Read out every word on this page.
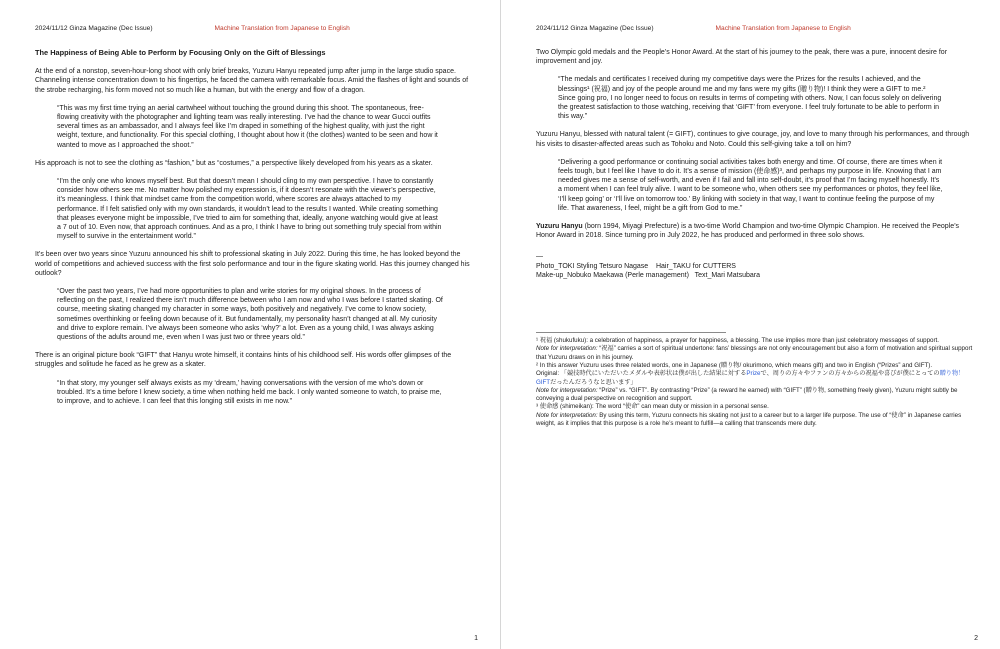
2024/11/12 Ginza Magazine (Dec Issue)	Machine Translation from Japanese to English
The Happiness of Being Able to Perform by Focusing Only on the Gift of Blessings
At the end of a nonstop, seven-hour-long shoot with only brief breaks, Yuzuru Hanyu repeated jump after jump in the large studio space. Channeling intense concentration down to his fingertips, he faced the camera with remarkable focus. Amid the flashes of light and sounds of the strobe recharging, his form moved not so much like a human, but with the energy and flow of a dragon.
“This was my first time trying an aerial cartwheel without touching the ground during this shoot. The spontaneous, free-flowing creativity with the photographer and lighting team was really interesting. I’ve had the chance to wear Gucci outfits several times as an ambassador, and I always feel like I’m draped in something of the highest quality, with just the right weight, texture, and functionality. For this special clothing, I thought about how it (the clothes) wanted to be seen and how it wanted to move as I approached the shoot.”
His approach is not to see the clothing as “fashion,” but as “costumes,” a perspective likely developed from his years as a skater.
“I’m the only one who knows myself best. But that doesn’t mean I should cling to my own perspective. I have to constantly consider how others see me. No matter how polished my expression is, if it doesn’t resonate with the viewer’s perspective, it’s meaningless. I think that mindset came from the competition world, where scores are always attached to my performance. If I felt satisfied only with my own standards, it wouldn’t lead to the results I wanted. While creating something that pleases everyone might be impossible, I’ve tried to aim for something that, ideally, anyone watching would give at least a 7 out of 10. Even now, that approach continues. And as a pro, I think I have to bring out something truly special from within myself to survive in the entertainment world.”
It’s been over two years since Yuzuru announced his shift to professional skating in July 2022. During this time, he has looked beyond the world of competitions and achieved success with the first solo performance and tour in the figure skating world. Has this journey changed his outlook?
“Over the past two years, I’ve had more opportunities to plan and write stories for my original shows. In the process of reflecting on the past, I realized there isn’t much difference between who I am now and who I was before I started skating. Of course, meeting skating changed my character in some ways, both positively and negatively. I’ve come to know society, sometimes overthinking or feeling down because of it. But fundamentally, my personality hasn’t changed at all. My curiosity and drive to explore remain. I’ve always been someone who asks ‘why?’ a lot. Even as a young child, I was always asking questions of the adults around me, even when I was just two or three years old.”
There is an original picture book “GIFT” that Hanyu wrote himself, it contains hints of his childhood self. His words offer glimpses of the struggles and solitude he faced as he grew as a skater.
“In that story, my younger self always exists as my ‘dream,’ having conversations with the version of me who’s down or troubled. It’s a time before I knew society, a time when nothing held me back. I only wanted someone to watch, to praise me, to improve, and to achieve. I can feel that this longing still exists in me now.”
1
2024/11/12 Ginza Magazine (Dec Issue)	Machine Translation from Japanese to English
Two Olympic gold medals and the People’s Honor Award. At the start of his journey to the peak, there was a pure, innocent desire for improvement and joy.
“The medals and certificates I received during my competitive days were the Prizes for the results I achieved, and the blessings¹ (祝福) and joy of the people around me and my fans were my gifts (贈り物)! I think they were a GIFT to me.² Since going pro, I no longer need to focus on results in terms of competing with others. Now, I can focus solely on delivering the greatest satisfaction to those watching, receiving that ‘GIFT’ from everyone. I feel truly fortunate to be able to perform in this way.”
Yuzuru Hanyu, blessed with natural talent (= GIFT), continues to give courage, joy, and love to many through his performances, and through his visits to disaster-affected areas such as Tohoku and Noto. Could this self-giving take a toll on him?
“Delivering a good performance or continuing social activities takes both energy and time. Of course, there are times when it feels tough, but I feel like I have to do it. It’s a sense of mission (使命感)³, and perhaps my purpose in life. Knowing that I am needed gives me a sense of self-worth, and even if I fail and fall into self-doubt, it’s proof that I’m facing myself honestly. It’s a moment when I can feel truly alive. I want to be someone who, when others see my performances or photos, they feel like, ‘I’ll keep going’ or ‘I’ll live on tomorrow too.’ By linking with society in that way, I want to continue feeling the purpose of my life. That awareness, I feel, might be a gift from God to me.”
Yuzuru Hanyu (born 1994, Miyagi Prefecture) is a two-time World Champion and two-time Olympic Champion. He received the People’s Honor Award in 2018. Since turning pro in July 2022, he has produced and performed in three solo shows.
—
Photo_TOKI Styling Tetsuro Nagase    Hair_TAKU for CUTTERS
Make-up_Nobuko Maekawa (Perle management)   Text_Mari Matsubara
¹ 祝福 (shukufuku): a celebration of happiness, a prayer for happiness, a blessing. The use implies more than just celebratory messages of support.
Note for interpretation: “祝福” carries a sort of spiritual undertone: fans’ blessings are not only encouragement but also a form of motivation and spiritual support that Yuzuru draws on in his journey.
² In this answer Yuzuru uses three related words, one in Japanese (贈り物/ okurimono, which means gift) and two in English (“Prizes” and GIFT).
Original: 「競技時代にいただいたメダルや表彰状は僕が出した結果に対するPrizeで、周りの方々やファンの方々からの祝福や喜びが僕にとっての贈り物！GIFTだったんだろうなと思います」
Note for interpretation: “Prize” vs. “GIFT”. By contrasting “Prize” (a reward he earned) with “GIFT” (贈り物, something freely given), Yuzuru might subtly be conveying a dual perspective on recognition and support.
³ 使命感 (shimeikan): The word “使命” can mean duty or mission in a personal sense.
Note for interpretation: By using this term, Yuzuru connects his skating not just to a career but to a larger life purpose. The use of “使命” in Japanese carries weight, as it implies that this purpose is a role he’s meant to fulfill—a calling that transcends mere duty.
2
